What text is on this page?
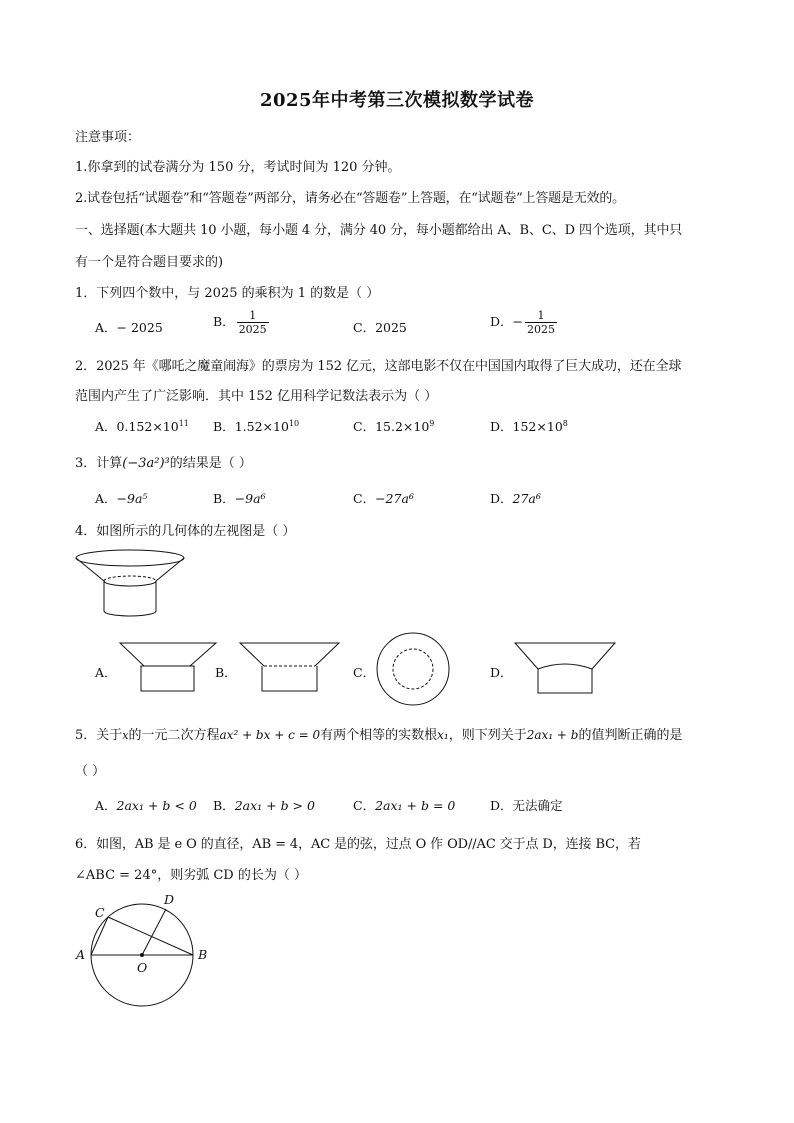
2025年中考第三次模拟数学试卷
注意事项：
1.你拿到的试卷满分为 150 分，考试时间为 120 分钟。
2.试卷包括“试题卷”和“答题卷”两部分，请务必在“答题卷”上答题，在“试题卷”上答题是无效的。
一、选择题(本大题共 10 小题，每小题 4 分，满分 40 分，每小题都给出 A、B、C、D 四个选项，其中只
有一个是符合题目要求的)
1．下列四个数中，与 2025 的乘积为 1 的数是（ ）
A．− 2025	B． $\frac{1}{2025}$	C．2025	D．− $\frac{1}{2025}$
2．2025 年《哪吒之魔童闹海》的票房为 152 亿元，这部电影不仅在中国国内取得了巨大成功，还在全球
范围内产生了广泛影响．其中 152 亿用科学记数法表示为（ ）
A．$0.152\times 10^{11}$ B．$1.52\times 10^{10}$	C．$15.2\times 10^9$	D．$152\times 10^8$
3．计算(−3a²)³的结果是（ ）
A．−9a⁵	B．−9a⁶	C．−27a⁶	D．27a⁶
4．如图所示的几何体的左视图是（ ）
A．	B．	C．	D．
5．关于x的一元二次方程ax² + bx + c = 0有两个相等的实数根x₁，则下列关于2ax₁ + b的值判断正确的是
（ ）
A．2ax₁ + b < 0 B．2ax₁ + b > 0	C．2ax₁ + b = 0	D．无法确定
6．如图，AB 是 e O 的直径，AB = 4，AC 是的弦，过点 O 作 OD//AC 交于点 D，连接 BC，若
∠ABC = 24°，则劣弧 CD 的长为（ ）
A	B
C
D
O
